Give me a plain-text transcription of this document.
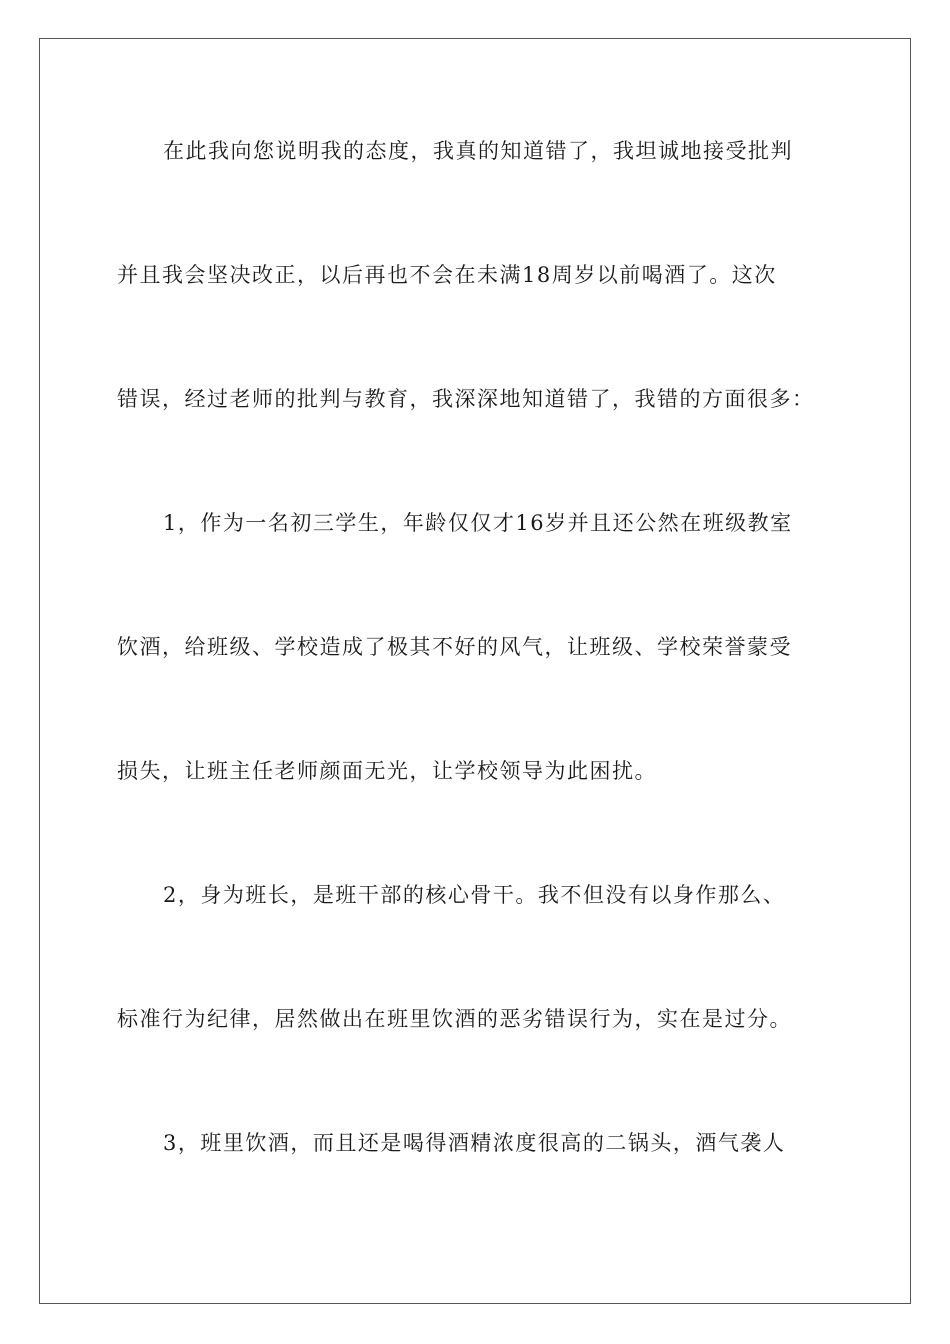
在此我向您说明我的态度，我真的知道错了，我坦诚地接受批判
并且我会坚决改正，以后再也不会在未满18周岁以前喝酒了。这次
错误，经过老师的批判与教育，我深深地知道错了，我错的方面很多：
1，作为一名初三学生，年龄仅仅才16岁并且还公然在班级教室
饮酒，给班级、学校造成了极其不好的风气，让班级、学校荣誉蒙受
损失，让班主任老师颜面无光，让学校领导为此困扰。
2，身为班长，是班干部的核心骨干。我不但没有以身作那么、
标准行为纪律，居然做出在班里饮酒的恶劣错误行为，实在是过分。
3，班里饮酒，而且还是喝得酒精浓度很高的二锅头，酒气袭人
